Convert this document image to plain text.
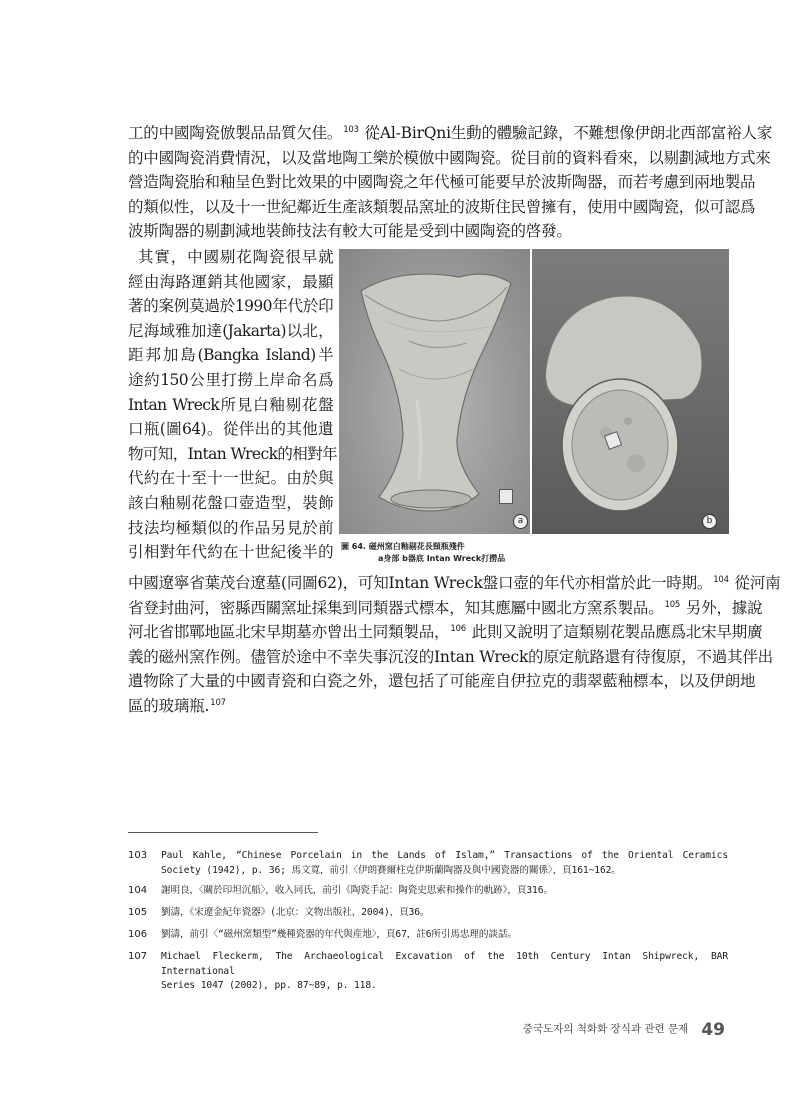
工的中國陶瓷倣製品品質欠佳。$^{103}$ 從Al-BirQni生動的體驗記錄，不難想像伊朗北西部富裕人家
的中國陶瓷消費情況，以及當地陶工樂於模倣中國陶瓷。從目前的資料看來，以剔劃減地方式來
營造陶瓷胎和釉呈色對比效果的中國陶瓷之年代極可能要早於波斯陶器，而若考慮到兩地製品
的類似性，以及十一世紀鄰近生產該類製品窯址的波斯住民曾擁有，使用中國陶瓷，似可認爲
波斯陶器的剔劃減地裝飾技法有較大可能是受到中國陶瓷的啓發。
其實，中國剔花陶瓷很早就
經由海路運銷其他國家，最顯
著的案例莫過於1990年代於印
尼海域雅加達(Jakarta)以北，
距邦加島(Bangka Island)半
途約150公里打撈上岸命名爲
Intan Wreck所見白釉剔花盤
口瓶(圖64)。從伴出的其他遺
物可知，Intan Wreck的相對年
代約在十至十一世紀。由於與
該白釉剔花盤口壺造型，裝飾
技法均極類似的作品另見於前
引相對年代約在十世紀後半的
a	b
圖 64. 磁州窯白釉剔花長頸瓶殘件
a身部 b器底 Intan Wreck打撈品
中國遼寧省葉茂台遼墓(同圖62)，可知Intan Wreck盤口壺的年代亦相當於此一時期。$^{104}$ 從河南
省登封曲河，密縣西關窯址採集到同類器式標本，知其應屬中國北方窯系製品。$^{105}$ 另外，據說
河北省邯鄲地區北宋早期墓亦曾出土同類製品，$^{106}$ 此則又說明了這類剔花製品應爲北宋早期廣
義的磁州窯作例。儘管於途中不幸失事沉沒的Intan Wreck的原定航路還有待復原，不過其伴出
遺物除了大量的中國青瓷和白瓷之外，還包括了可能産自伊拉克的翡翠藍釉標本，以及伊朗地
區的玻璃瓶.$^{107}$
103 Paul Kahle, “Chinese Porcelain in the Lands of Islam,” Transactions of the Oriental Ceramics
Society (1942), p. 36; 馬文寬，前引〈伊朗賽爾柱克伊斯蘭陶器及與中國瓷器的關係〉，頁161~162。
104 謝明良，〈關於印坦沉船〉，收入同氏，前引《陶瓷手記：陶瓷史思索和操作的軌跡》，頁316。
105 劉濤，《宋遼金紀年瓷器》(北京：文物出版社，2004)，頁36。
106 劉濤，前引〈“磁州窯類型”幾種瓷器的年代與産地〉，頁67，註6所引馬忠理的談話。
107 Michael Fleckerm, The Archaeological Excavation of the 10th Century Intan Shipwreck, BAR International
Series 1047 (2002), pp. 87~89, p. 118.
중국도자의 척화화 장식과 관련 문제 49
